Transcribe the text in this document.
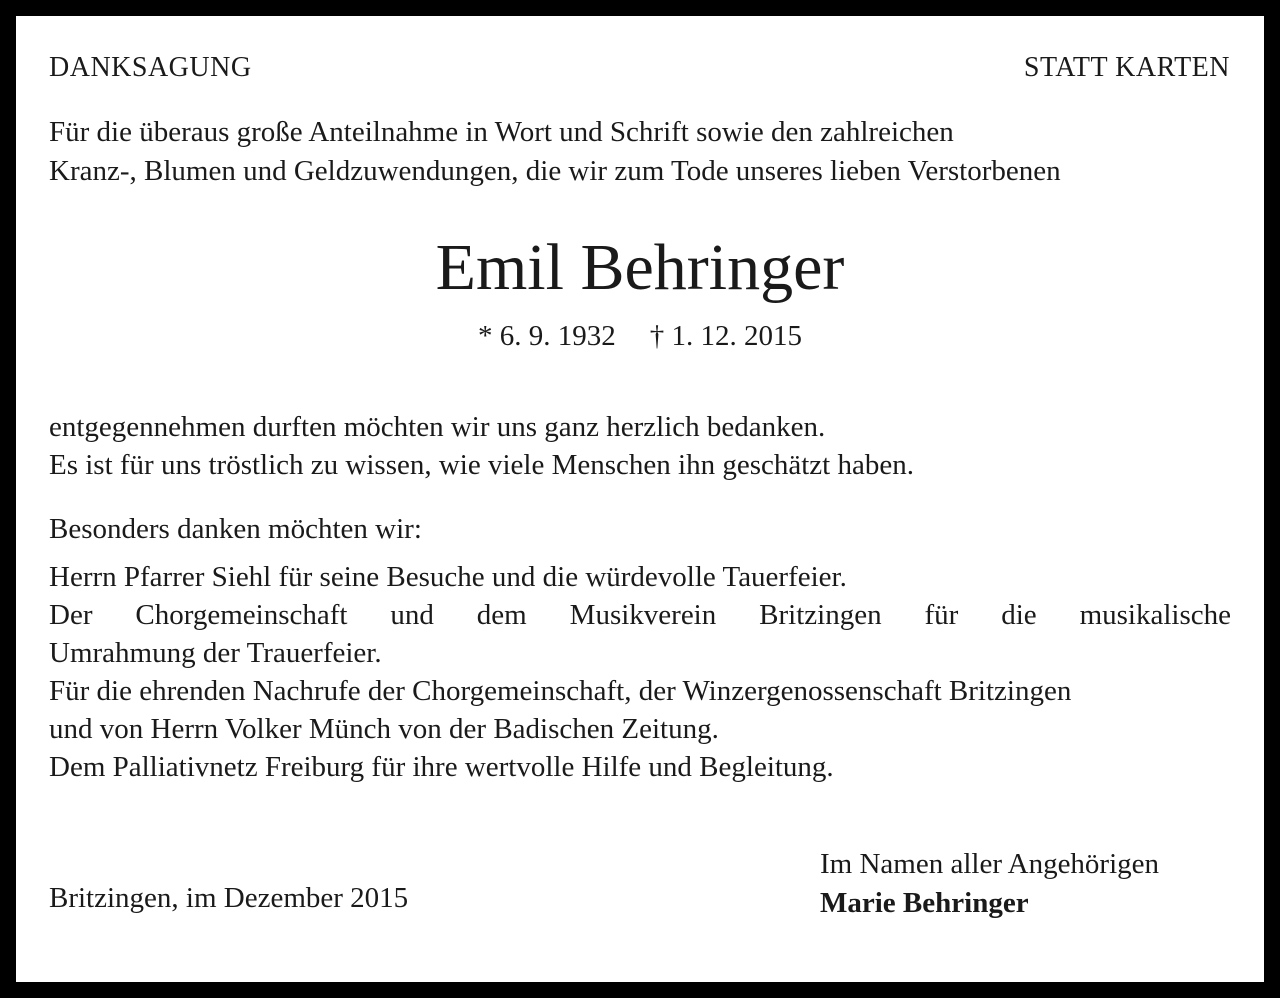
DANKSAGUNG	STATT KARTEN
Für die überaus große Anteilnahme in Wort und Schrift sowie den zahlreichen
Kranz-, Blumen und Geldzuwendungen, die wir zum Tode unseres lieben Verstorbenen
Emil Behringer
* 6. 9. 1932 † 1. 12. 2015
entgegennehmen durften möchten wir uns ganz herzlich bedanken.
Es ist für uns tröstlich zu wissen, wie viele Menschen ihn geschätzt haben.
Besonders danken möchten wir:
Herrn Pfarrer Siehl für seine Besuche und die würdevolle Tauerfeier.
Der Chorgemeinschaft und dem Musikverein Britzingen für die musikalische
Umrahmung der Trauerfeier.
Für die ehrenden Nachrufe der Chorgemeinschaft, der Winzergenossenschaft Britzingen
und von Herrn Volker Münch von der Badischen Zeitung.
Dem Palliativnetz Freiburg für ihre wertvolle Hilfe und Begleitung.
Britzingen, im Dezember 2015
Im Namen aller Angehörigen
Marie Behringer
